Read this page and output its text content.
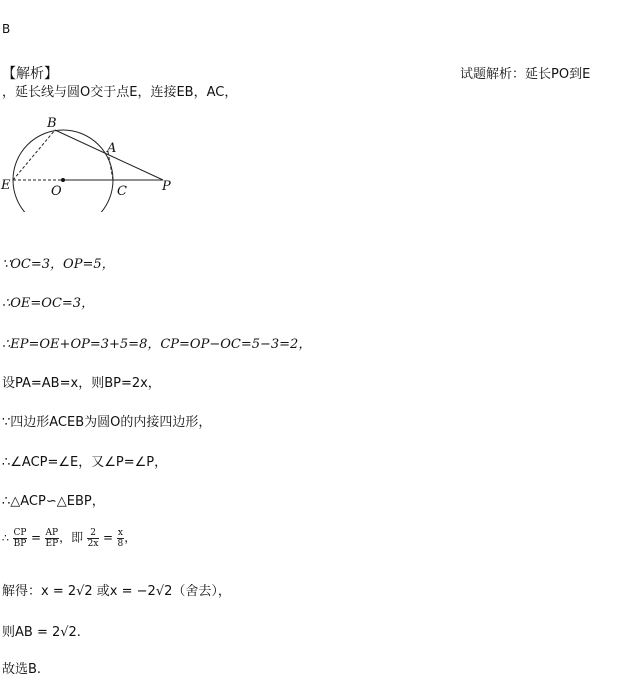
B
【解析】	试题解析：延长PO到E
，延长线与圆O交于点E，连接EB，AC，
B
A
E	O	C	P
∵OC=3，OP=5，
∴OE=OC=3，
∴EP=OE+OP=3+5=8，CP=OP−OC=5−3=2，
设PA=AB=x，则BP=2x，
∵四边形ACEB为圆O的内接四边形，
∴∠ACP=∠E，又∠P=∠P，
∴△ACP∽△EBP，
∴ $\frac{CP}{BP} = \frac{AP}{EP}$ ，即 $\frac{2}{2x} = \frac{x}{8}$ ，
解得：x = 2√2 或x = −2√2（舍去），
则AB = 2√2.
故选B.
